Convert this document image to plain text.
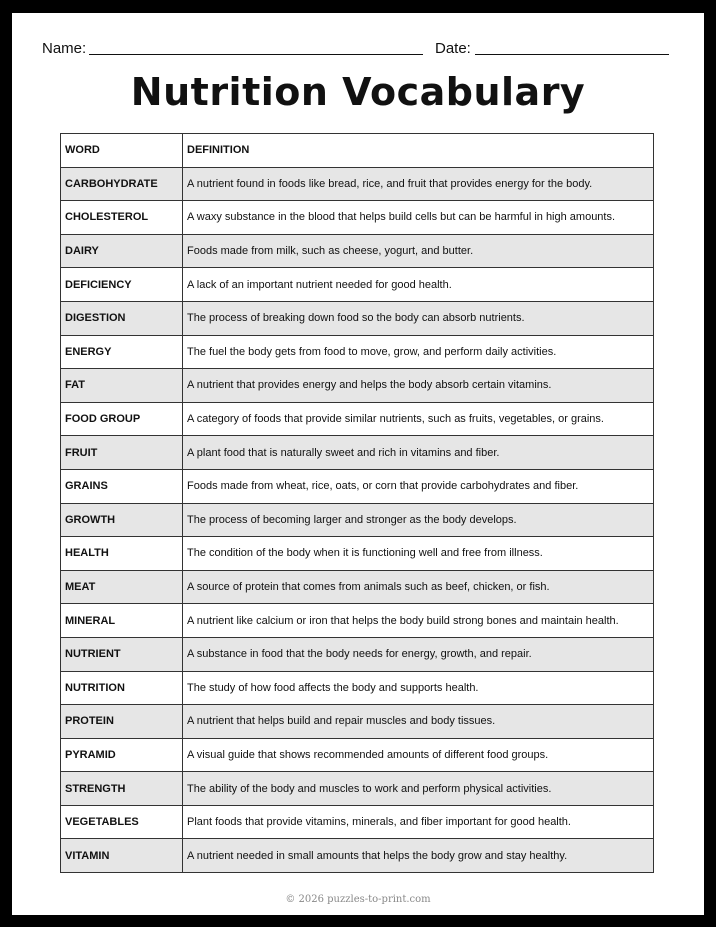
Name:	Date:
Nutrition Vocabulary
WORD	DEFINITION
CARBOHYDRATE	A nutrient found in foods like bread, rice, and fruit that provides energy for the body.
CHOLESTEROL	A waxy substance in the blood that helps build cells but can be harmful in high amounts.
DAIRY	Foods made from milk, such as cheese, yogurt, and butter.
DEFICIENCY	A lack of an important nutrient needed for good health.
DIGESTION	The process of breaking down food so the body can absorb nutrients.
ENERGY	The fuel the body gets from food to move, grow, and perform daily activities.
FAT	A nutrient that provides energy and helps the body absorb certain vitamins.
FOOD GROUP	A category of foods that provide similar nutrients, such as fruits, vegetables, or grains.
FRUIT	A plant food that is naturally sweet and rich in vitamins and fiber.
GRAINS	Foods made from wheat, rice, oats, or corn that provide carbohydrates and fiber.
GROWTH	The process of becoming larger and stronger as the body develops.
HEALTH	The condition of the body when it is functioning well and free from illness.
MEAT	A source of protein that comes from animals such as beef, chicken, or fish.
MINERAL	A nutrient like calcium or iron that helps the body build strong bones and maintain health.
NUTRIENT	A substance in food that the body needs for energy, growth, and repair.
NUTRITION	The study of how food affects the body and supports health.
PROTEIN	A nutrient that helps build and repair muscles and body tissues.
PYRAMID	A visual guide that shows recommended amounts of different food groups.
STRENGTH	The ability of the body and muscles to work and perform physical activities.
VEGETABLES	Plant foods that provide vitamins, minerals, and fiber important for good health.
VITAMIN	A nutrient needed in small amounts that helps the body grow and stay healthy.
© 2026 puzzles-to-print.com
